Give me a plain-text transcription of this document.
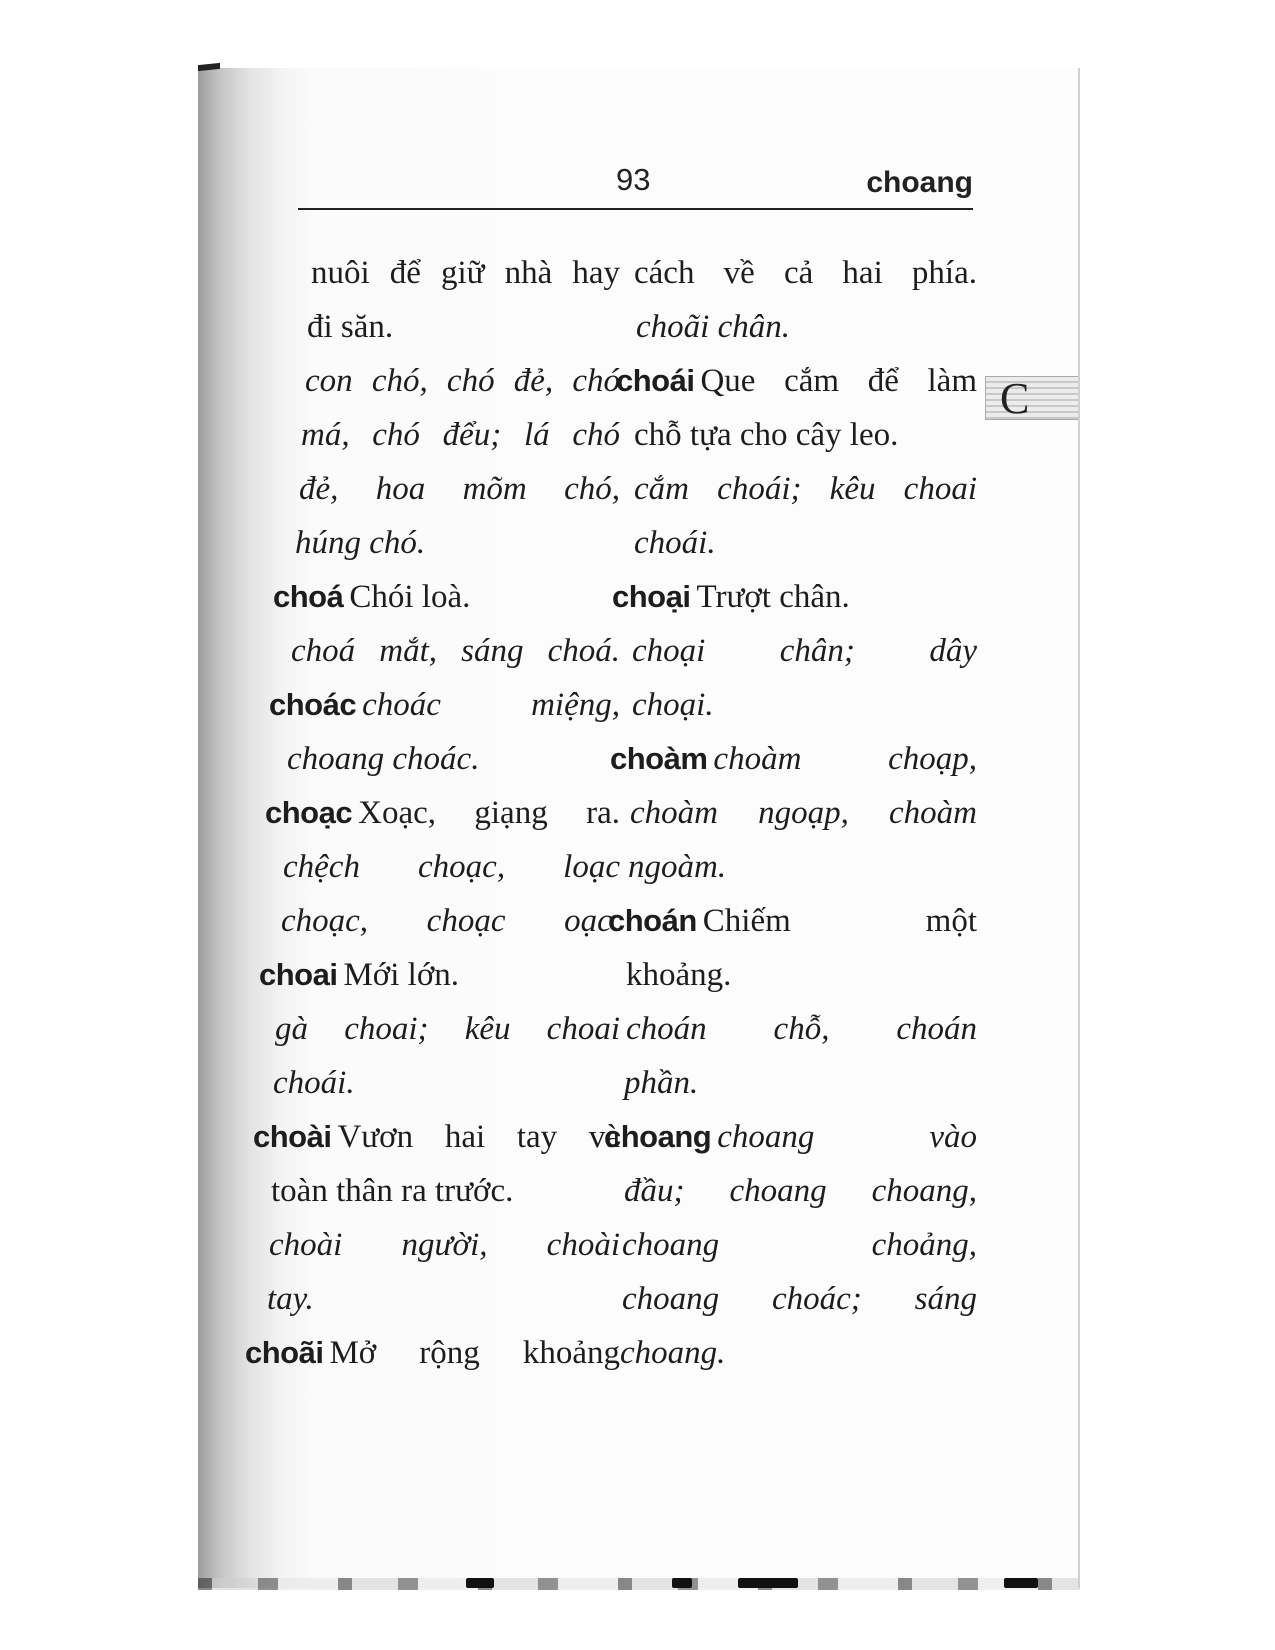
93	choang
C
nuôi để giữ nhà hay
đi săn.
con chó, chó đẻ, chó
má, chó đểu; lá chó
đẻ, hoa mõm chó,
húng chó.
choá Chói loà.
choá mắt, sáng choá.
choác choác miệng,
choang choác.
choạc Xoạc, giạng ra.
chệch choạc, loạc
choạc, choạc oạc.
choai Mới lớn.
gà choai; kêu choai
choái.
choài Vươn hai tay và
toàn thân ra trước.
choài người, choài
tay.
choãi Mở rộng khoảng
cách về cả hai phía.
choãi chân.
choái Que cắm để làm
chỗ tựa cho cây leo.
cắm choái; kêu choai
choái.
choại Trượt chân.
choại chân; dây
choại.
choàm choàm choạp,
choàm ngoạp, choàm
ngoàm.
choán Chiếm một
khoảng.
choán chỗ, choán
phần.
choang choang vào
đầu; choang choang,
choang choảng,
choang choác; sáng
choang.
